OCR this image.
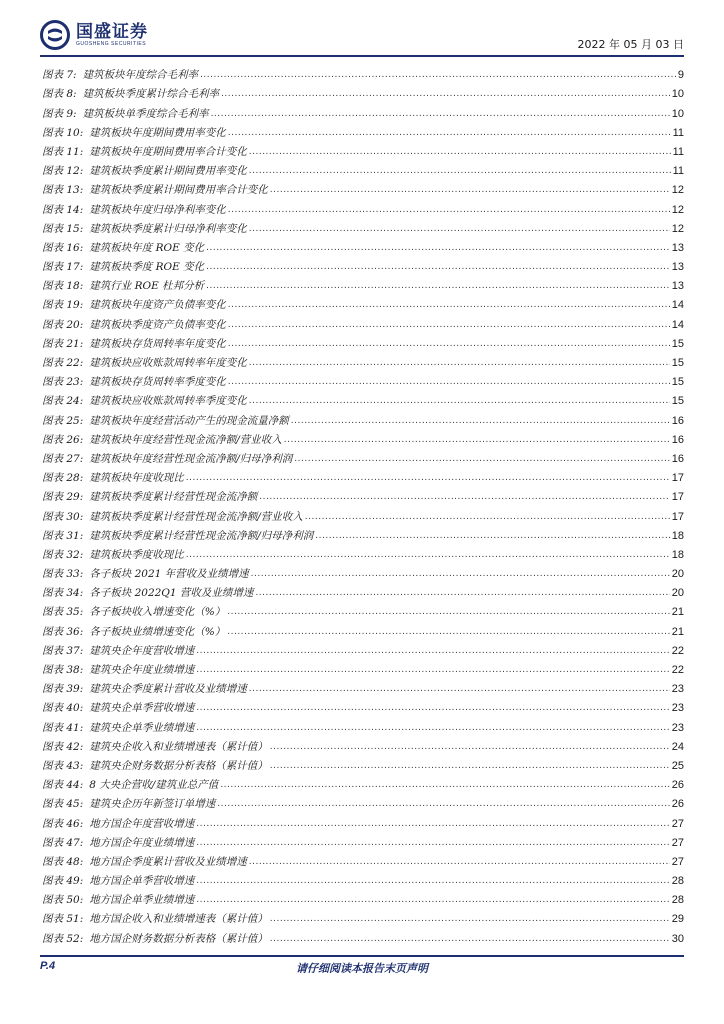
国盛证券
GUOSHENG SECURITIES	2022 年 05 月 03 日
图表 7: 建筑板块年度综合毛利率 .....	9
图表 8: 建筑板块季度累计综合毛利率 .....	10
图表 9: 建筑板块单季度综合毛利率 .....	10
图表 10: 建筑板块年度期间费用率变化 .....	11
图表 11: 建筑板块年度期间费用率合计变化 .....	11
图表 12: 建筑板块季度累计期间费用率变化 .....	11
图表 13: 建筑板块季度累计期间费用率合计变化 .....	12
图表 14: 建筑板块年度归母净利率变化 .....	12
图表 15: 建筑板块季度累计归母净利率变化 .....	12
图表 16: 建筑板块年度 ROE 变化 .....	13
图表 17: 建筑板块季度 ROE 变化 .....	13
图表 18: 建筑行业 ROE 杜邦分析 .....	13
图表 19: 建筑板块年度资产负债率变化 .....	14
图表 20: 建筑板块季度资产负债率变化 .....	14
图表 21: 建筑板块存货周转率年度变化 .....	15
图表 22: 建筑板块应收账款周转率年度变化 .....	15
图表 23: 建筑板块存货周转率季度变化 .....	15
图表 24: 建筑板块应收账款周转率季度变化 .....	15
图表 25: 建筑板块年度经营活动产生的现金流量净额 .....	16
图表 26: 建筑板块年度经营性现金流净额/营业收入 .....	16
图表 27: 建筑板块年度经营性现金流净额/归母净利润 .....	16
图表 28: 建筑板块年度收现比 .....	17
图表 29: 建筑板块季度累计经营性现金流净额 .....	17
图表 30: 建筑板块季度累计经营性现金流净额/营业收入 .....	17
图表 31: 建筑板块季度累计经营性现金流净额/归母净利润 .....	18
图表 32: 建筑板块季度收现比 .....	18
图表 33: 各子板块 2021 年营收及业绩增速 .....	20
图表 34: 各子板块 2022Q1 营收及业绩增速 .....	20
图表 35: 各子板块收入增速变化（%） .....	21
图表 36: 各子板块业绩增速变化（%） .....	21
图表 37: 建筑央企年度营收增速 .....	22
图表 38: 建筑央企年度业绩增速 .....	22
图表 39: 建筑央企季度累计营收及业绩增速 .....	23
图表 40: 建筑央企单季营收增速 .....	23
图表 41: 建筑央企单季业绩增速 .....	23
图表 42: 建筑央企收入和业绩增速表（累计值） .....	24
图表 43: 建筑央企财务数据分析表格（累计值） .....	25
图表 44: 8 大央企营收/建筑业总产值 .....	26
图表 45: 建筑央企历年新签订单增速 .....	26
图表 46: 地方国企年度营收增速 .....	27
图表 47: 地方国企年度业绩增速 .....	27
图表 48: 地方国企季度累计营收及业绩增速 .....	27
图表 49: 地方国企单季营收增速 .....	28
图表 50: 地方国企单季业绩增速 .....	28
图表 51: 地方国企收入和业绩增速表（累计值） .....	29
图表 52: 地方国企财务数据分析表格（累计值） .....	30
请仔细阅读本报告末页声明
P.4
